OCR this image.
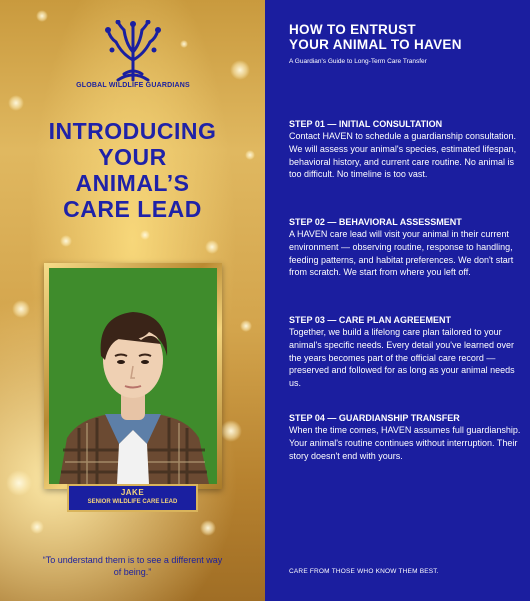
GLOBAL WILDLIFE GUARDIANS
INTRODUCING
YOUR
ANIMAL’S
CARE LEAD
JAKE
SENIOR WILDLIFE CARE LEAD
“To understand them is to see a different way of being.”
HOW TO ENTRUST
YOUR ANIMAL TO HAVEN
A Guardian's Guide to Long-Term Care Transfer
STEP 01 — INITIAL CONSULTATION
Contact HAVEN to schedule a guardianship consultation. We will assess your animal's species, estimated lifespan, behavioral history, and current care routine. No animal is too difficult. No timeline is too vast.
STEP 02 — BEHAVIORAL ASSESSMENT
A HAVEN care lead will visit your animal in their current environment — observing routine, response to handling, feeding patterns, and habitat preferences. We don't start from scratch. We start from where you left off.
STEP 03 — CARE PLAN AGREEMENT
Together, we build a lifelong care plan tailored to your animal's specific needs. Every detail you've learned over the years becomes part of the official care record — preserved and followed for as long as your animal needs us.
STEP 04 — GUARDIANSHIP TRANSFER
When the time comes, HAVEN assumes full guardianship. Your animal's routine continues without interruption. Their story doesn't end with yours.
CARE FROM THOSE WHO KNOW THEM BEST.
